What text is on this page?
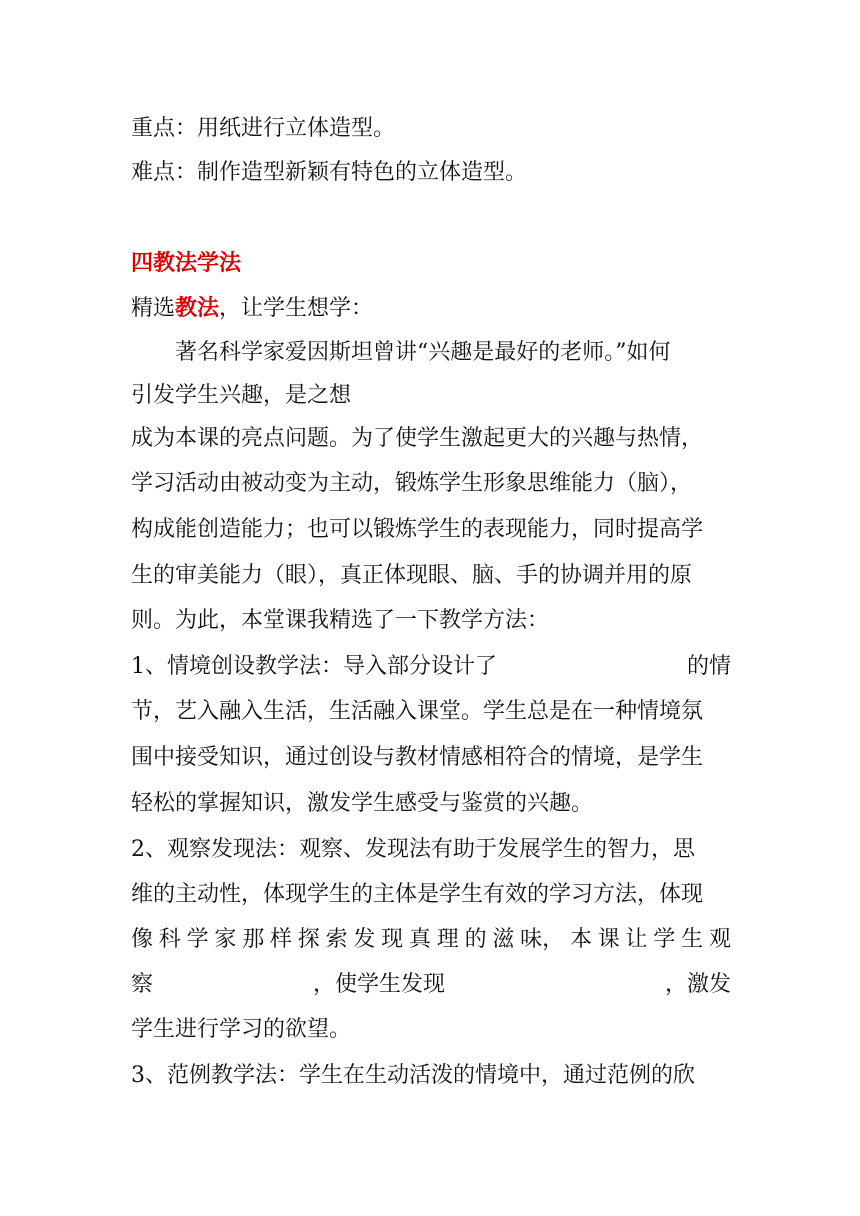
重点：用纸进行立体造型。

难点：制作造型新颖有特色的立体造型。

四教法学法

精选教法，让学生想学：

著名科学家爱因斯坦曾讲“兴趣是最好的老师。”如何

引发学生兴趣，是之想

成为本课的亮点问题。为了使学生激起更大的兴趣与热情，

学习活动由被动变为主动，锻炼学生形象思维能力（脑），

构成能创造能力；也可以锻炼学生的表现能力，同时提高学

生的审美能力（眼），真正体现眼、脑、手的协调并用的原

则。为此，本堂课我精选了一下教学方法：

1、情境创设教学法：导入部分设计了	的情

节，艺入融入生活，生活融入课堂。学生总是在一种情境氛

围中接受知识，通过创设与教材情感相符合的情境，是学生

轻松的掌握知识，激发学生感受与鉴赏的兴趣。

2、观察发现法：观察、发现法有助于发展学生的智力，思

维的主动性，体现学生的主体是学生有效的学习方法，体现

像 科 学 家 那 样 探 索 发 现 真 理 的 滋 味， 本 课 让 学 生 观
察	，使学生发现	，激发

学生进行学习的欲望。

3、范例教学法：学生在生动活泼的情境中，通过范例的欣
